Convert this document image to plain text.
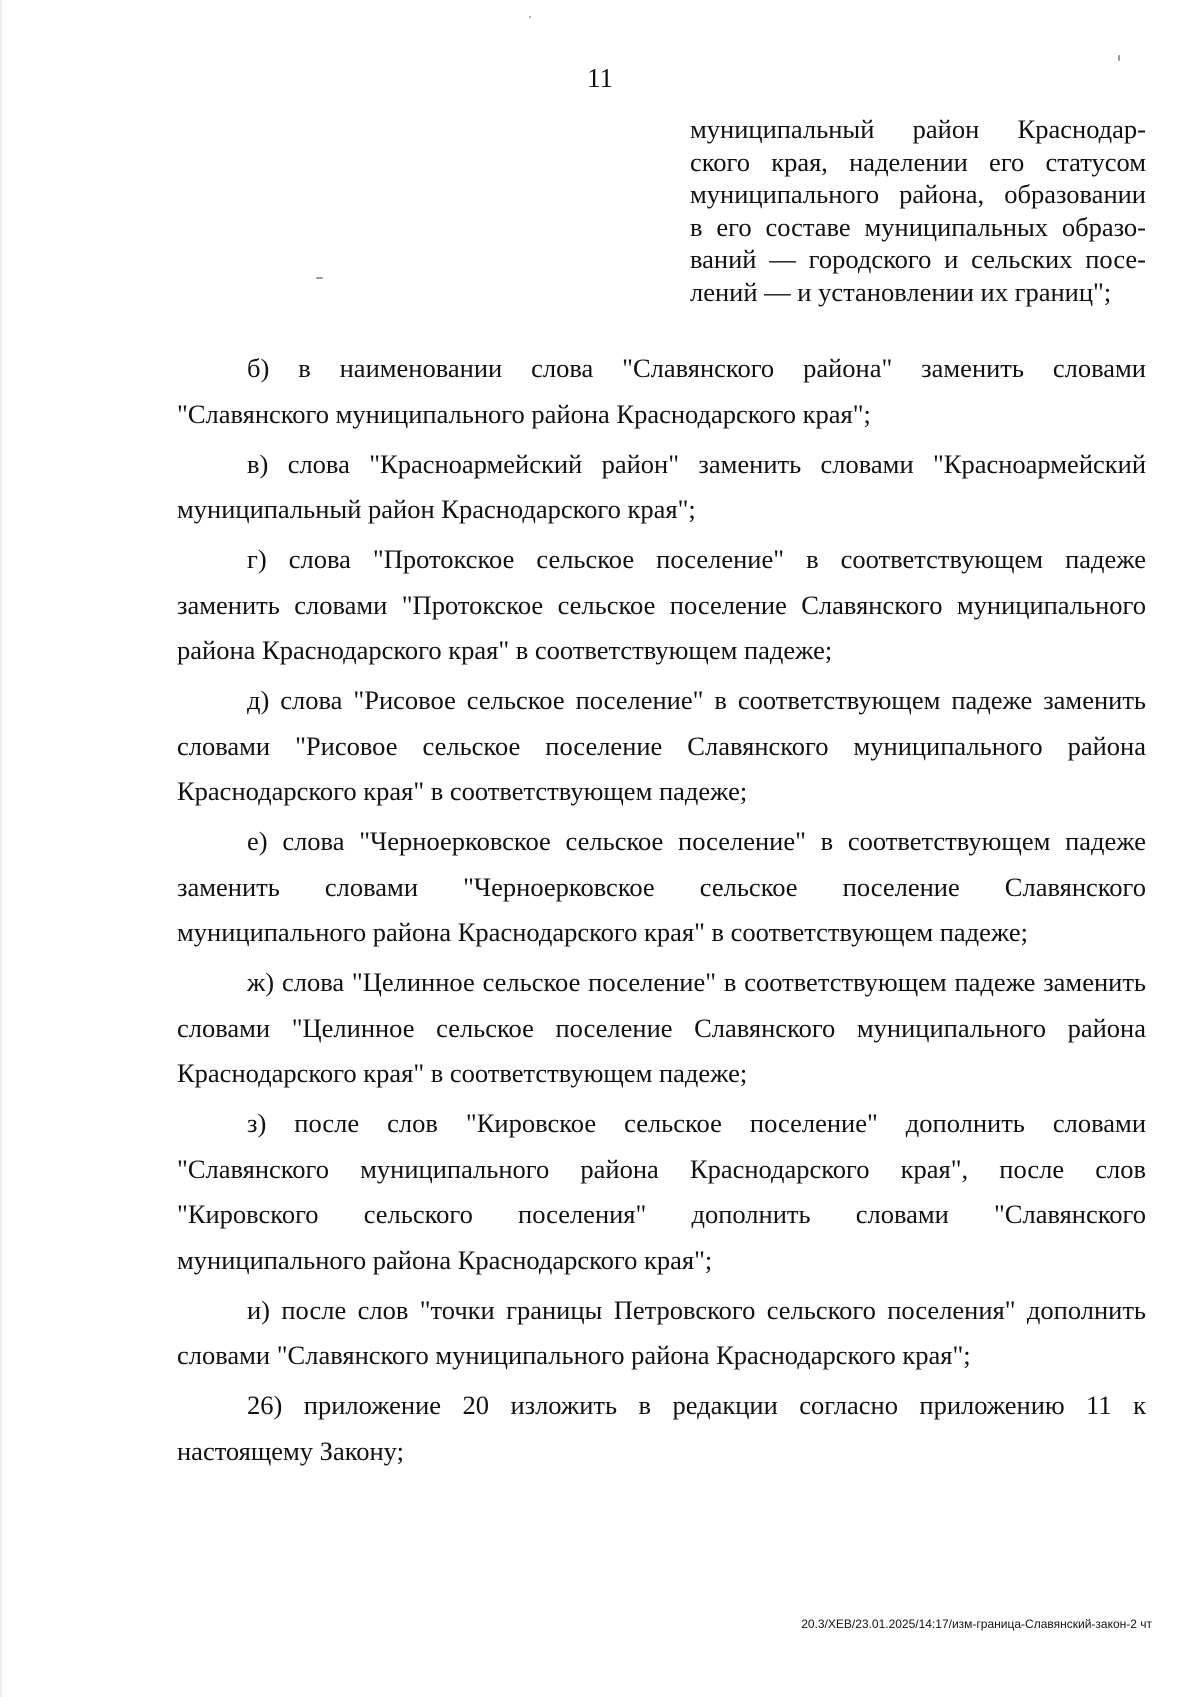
11
муниципальный район Краснодар-
ского края, наделении его статусом
муниципального района, образовании
в его составе муниципальных образо-
ваний — городского и сельских посе-
лений — и установлении их границ";

б) в наименовании слова "Славянского района" заменить словами "Славянского муниципального района Краснодарского края";

в) слова "Красноармейский район" заменить словами "Красноармейский муниципальный район Краснодарского края";

г) слова "Протокское сельское поселение" в соответствующем падеже заменить словами "Протокское сельское поселение Славянского муниципального района Краснодарского края" в соответствующем падеже;

д) слова "Рисовое сельское поселение" в соответствующем падеже заменить словами "Рисовое сельское поселение Славянского муниципального района Краснодарского края" в соответствующем падеже;

е) слова "Черноерковское сельское поселение" в соответствующем падеже заменить словами "Черноерковское сельское поселение Славянского муниципального района Краснодарского края" в соответствующем падеже;

ж) слова "Целинное сельское поселение" в соответствующем падеже заменить словами "Целинное сельское поселение Славянского муниципального района Краснодарского края" в соответствующем падеже;

з) после слов "Кировское сельское поселение" дополнить словами "Славянского муниципального района Краснодарского края", после слов "Кировского сельского поселения" дополнить словами "Славянского муниципального района Краснодарского края";

и) после слов "точки границы Петровского сельского поселения" дополнить словами "Славянского муниципального района Краснодарского края";

26) приложение 20 изложить в редакции согласно приложению 11 к настоящему Закону;

20.3/ХЕВ/23.01.2025/14:17/изм-граница-Славянский-закон-2 чт
